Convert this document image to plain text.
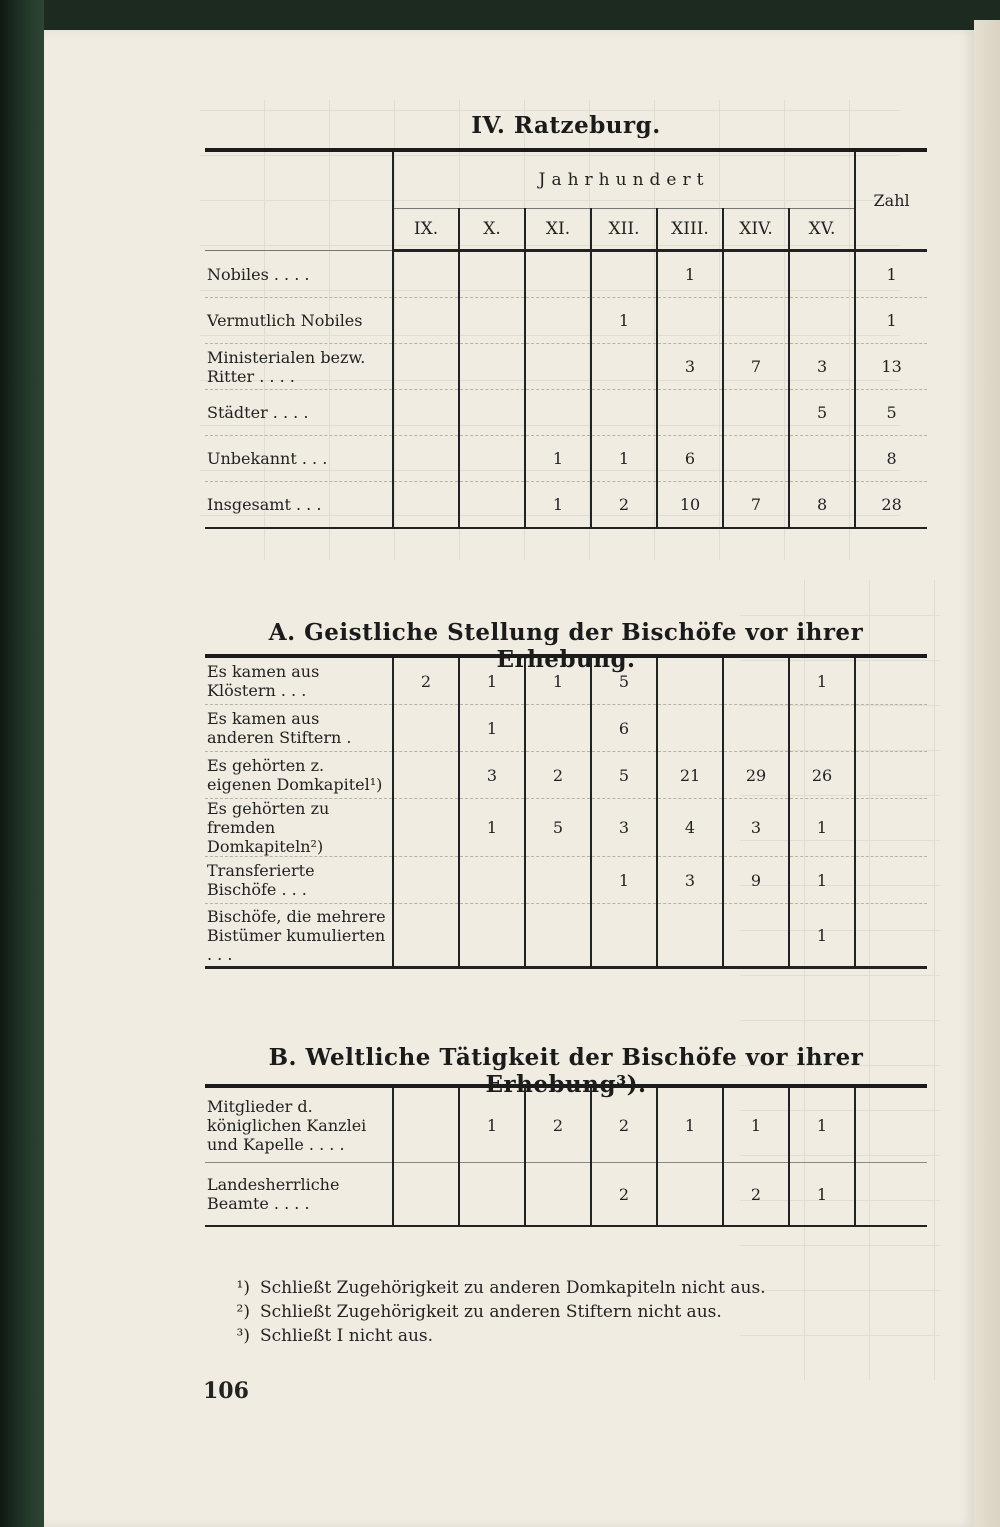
IV. Ratzeburg.
	Jahrhundert							Zahl
	IX.	X.	XI.	XII.	XIII.	XIV.	XV.	
Nobiles . . . .					1			1
Vermutlich Nobiles				1				1
Ministerialen bezw. Ritter . . . .					3	7	3	13
Städter . . . .							5	5
Unbekannt . . .			1	1	6			8
Insgesamt . . .			1	2	10	7	8	28
A. Geistliche Stellung der Bischöfe vor ihrer Erhebung.
Es kamen aus Klöstern . . .	2	1	1	5			1	
Es kamen aus anderen Stiftern .		1		6				
Es gehörten z. eigenen Domkapitel¹)		3	2	5	21	29	26	
Es gehörten zu fremden Domkapiteln²)		1	5	3	4	3	1	
Transferierte Bischöfe . . .				1	3	9	1	
Bischöfe, die mehrere Bistümer kumulierten . . .							1	
B. Weltliche Tätigkeit der Bischöfe vor ihrer Erhebung³).
Mitglieder d. königlichen Kanzlei und Kapelle . . . .		1	2	2	1	1	1	
Landesherrliche Beamte . . . .				2		2	1	
¹) Schließt Zugehörigkeit zu anderen Domkapiteln nicht aus.
²) Schließt Zugehörigkeit zu anderen Stiftern nicht aus.
³) Schließt I nicht aus.
106
